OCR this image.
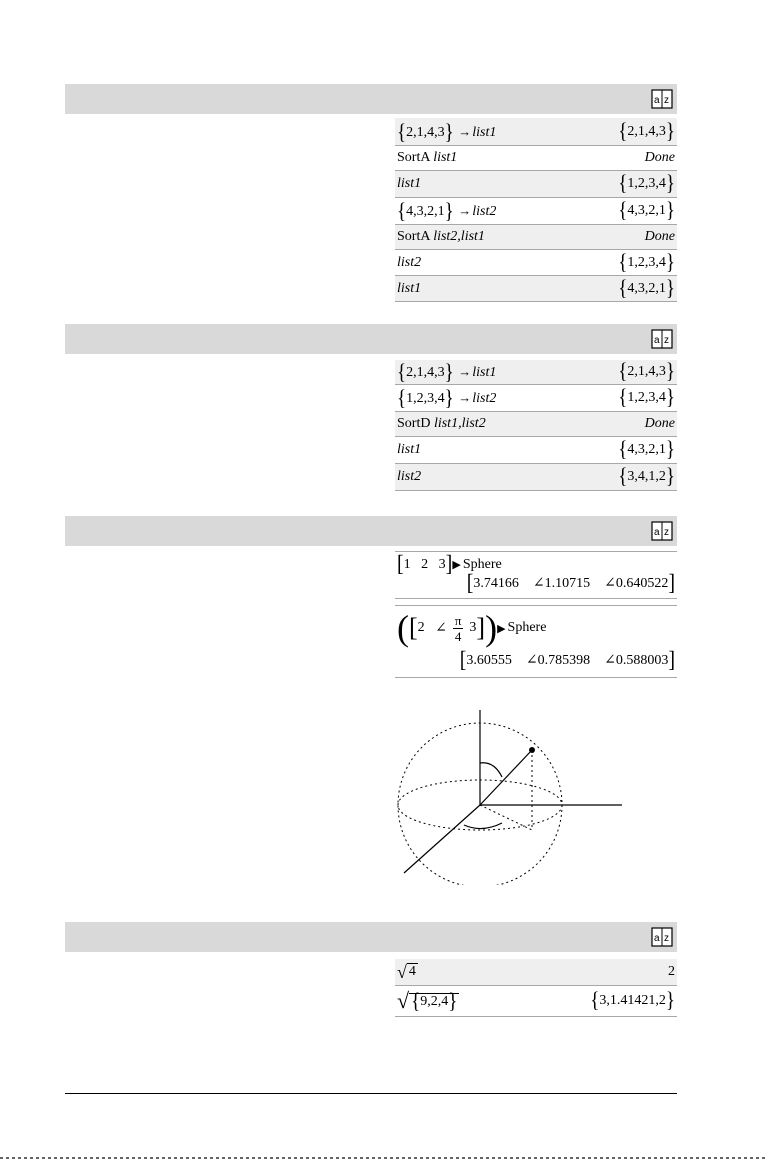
a z
{2,1,4,3} →list1	{2,1,4,3}
SortA list1	Done
list1	{1,2,3,4}
{4,3,2,1} →list2	{4,3,2,1}
SortA list2,list1	Done
list2	{1,2,3,4}
list1	{4,3,2,1}
a z
{2,1,4,3} →list1	{2,1,4,3}
{1,2,3,4} →list2	{1,2,3,4}
SortD list1,list2	Done
list1	{4,3,2,1}
list2	{3,4,1,2}
a z
[1 2 3]▶ Sphere
[3.74166 ∠1.10715 ∠0.640522]
( [ 2
∠
π
4
3 ] ) ▶ Sphere
[3.60555 ∠0.785398 ∠0.588003]
a z
√ 4	2
√ {9,2,4}	{3,1.41421,2}
